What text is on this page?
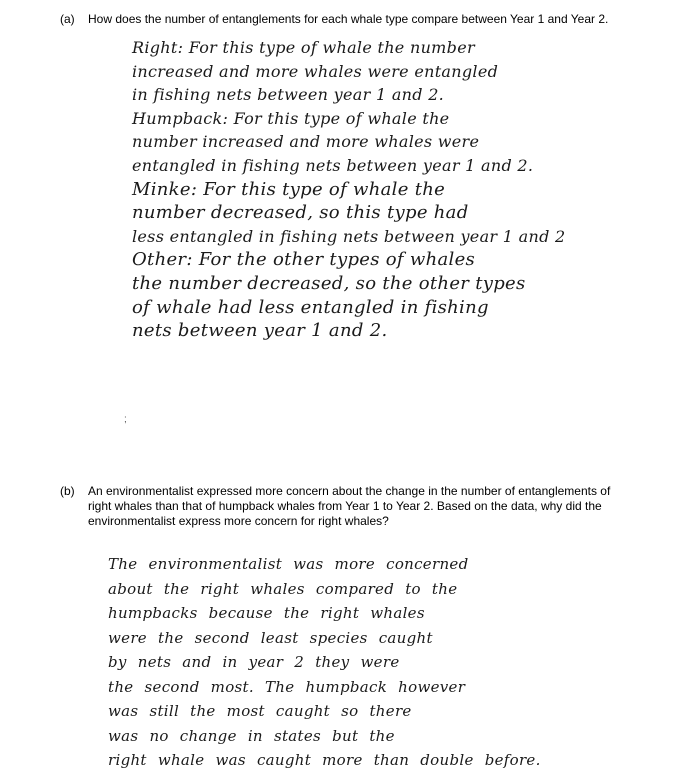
(a) How does the number of entanglements for each whale type compare between Year 1 and Year 2.
Right: For this type of whale the number
increased and more whales were entangled
in fishing nets between year 1 and 2.
Humpback: For this type of whale the
number increased and more whales were
entangled in fishing nets between year 1 and 2.
Minke: For this type of whale the
number decreased, so this type had
less entangled in fishing nets between year 1 and 2
Other: For the other types of whales
the number decreased, so the other types
of whale had less entangled in fishing
nets between year 1 and 2.
;
(b) An environmentalist expressed more concern about the change in the number of entanglements of right whales than that of humpback whales from Year 1 to Year 2. Based on the data, why did the environmentalist express more concern for right whales?
The environmentalist was more concerned
about the right whales compared to the
humpbacks because the right whales
were the second least species caught
by nets and in year 2 they were
the second most. The humpback however
was still the most caught so there
was no change in states but the
right whale was caught more than double before.
